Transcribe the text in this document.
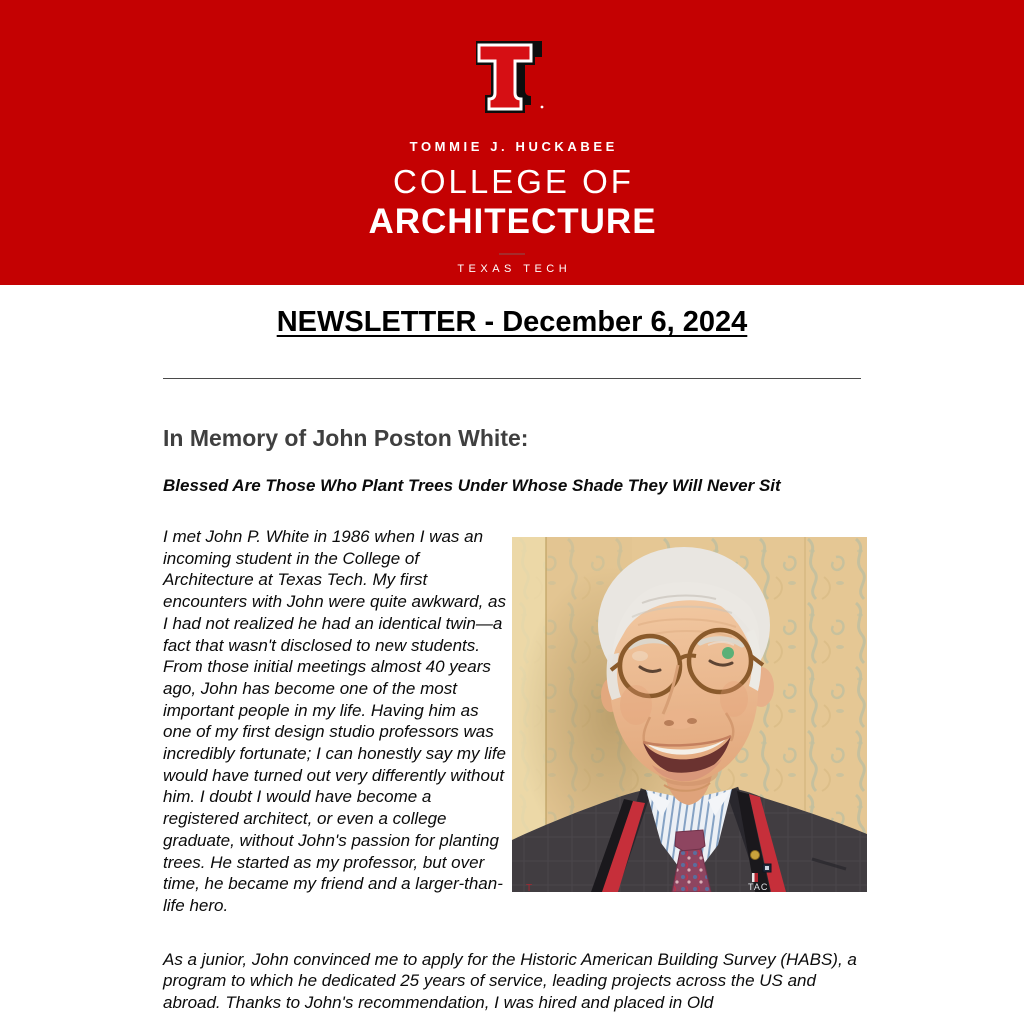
TOMMIE J. HUCKABEE
COLLEGE OF
ARCHITECTURE
TEXAS TECH
NEWSLETTER - December 6, 2024
In Memory of John Poston White:

Blessed Are Those Who Plant Trees Under Whose Shade They Will Never Sit

I met John P. White in 1986 when I was an incoming student in the College of Architecture at Texas Tech. My first encounters with John were quite awkward, as I had not realized he had an identical twin—a fact that wasn't disclosed to new students. From those initial meetings almost 40 years ago, John has become one of the most important people in my life. Having him as one of my first design studio professors was incredibly fortunate; I can honestly say my life would have turned out very differently without him. I doubt I would have become a registered architect, or even a college graduate, without John's passion for planting trees. He started as my professor, but over time, he became my friend and a larger-than-life hero.

TAC
T

As a junior, John convinced me to apply for the Historic American Building Survey (HABS), a program to which he dedicated 25 years of service, leading projects across the US and abroad. Thanks to John's recommendation, I was hired and placed in Old
